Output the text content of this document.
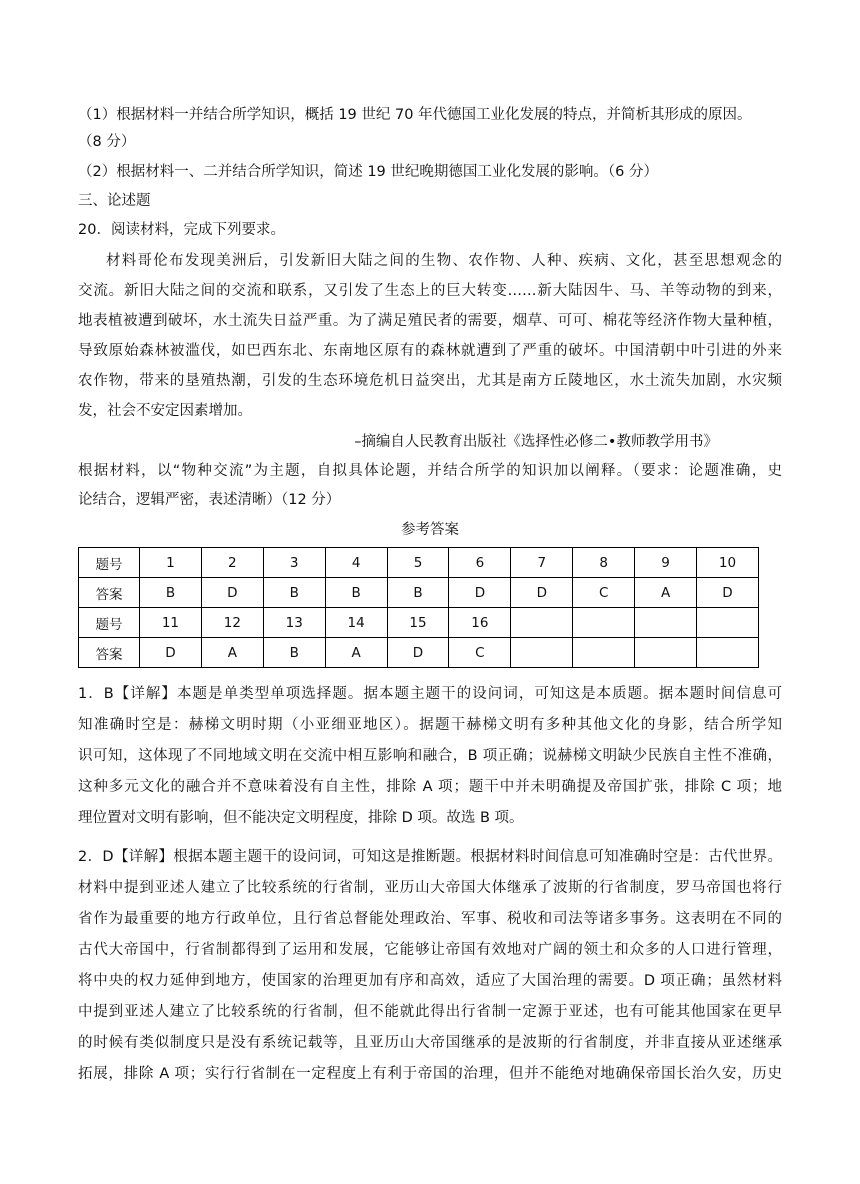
（1）根据材料一并结合所学知识，概括 19 世纪 70 年代德国工业化发展的特点，并简析其形成的原因。
（8 分）
（2）根据材料一、二并结合所学知识，简述 19 世纪晚期德国工业化发展的影响。（6 分）
三、论述题
20．阅读材料，完成下列要求。
材料哥伦布发现美洲后，引发新旧大陆之间的生物、农作物、人种、疾病、文化，甚至思想观念的
交流。新旧大陆之间的交流和联系，又引发了生态上的巨大转变……新大陆因牛、马、羊等动物的到来，
地表植被遭到破坏，水土流失日益严重。为了满足殖民者的需要，烟草、可可、棉花等经济作物大量种植，
导致原始森林被滥伐，如巴西东北、东南地区原有的森林就遭到了严重的破坏。中国清朝中叶引进的外来
农作物，带来的垦殖热潮，引发的生态环境危机日益突出，尤其是南方丘陵地区，水土流失加剧，水灾频
发，社会不安定因素增加。
–摘编自人民教育出版社《选择性必修二•教师教学用书》
根据材料，以“物种交流”为主题，自拟具体论题，并结合所学的知识加以阐释。（要求：论题准确，史
论结合，逻辑严密，表述清晰）（12 分）
参考答案
题号	1	2	3	4	5	6	7	8	9	10
答案	B	D	B	B	B	D	D	C	A	D
题号	11	12	13	14	15	16				
答案	D	A	B	A	D	C				
1．B【详解】本题是单类型单项选择题。据本题主题干的设问词，可知这是本质题。据本题时间信息可
知准确时空是：赫梯文明时期（小亚细亚地区）。据题干赫梯文明有多种其他文化的身影，结合所学知
识可知，这体现了不同地域文明在交流中相互影响和融合，B 项正确；说赫梯文明缺少民族自主性不准确，
这种多元文化的融合并不意味着没有自主性，排除 A 项；题干中并未明确提及帝国扩张，排除 C 项；地
理位置对文明有影响，但不能决定文明程度，排除 D 项。故选 B 项。
2．D【详解】根据本题主题干的设问词，可知这是推断题。根据材料时间信息可知准确时空是：古代世界。
材料中提到亚述人建立了比较系统的行省制，亚历山大帝国大体继承了波斯的行省制度，罗马帝国也将行
省作为最重要的地方行政单位，且行省总督能处理政治、军事、税收和司法等诸多事务。这表明在不同的
古代大帝国中，行省制都得到了运用和发展，它能够让帝国有效地对广阔的领土和众多的人口进行管理，
将中央的权力延伸到地方，使国家的治理更加有序和高效，适应了大国治理的需要。D 项正确；虽然材料
中提到亚述人建立了比较系统的行省制，但不能就此得出行省制一定源于亚述，也有可能其他国家在更早
的时候有类似制度只是没有系统记载等，且亚历山大帝国继承的是波斯的行省制度，并非直接从亚述继承
拓展，排除 A 项；实行行省制在一定程度上有利于帝国的治理，但并不能绝对地确保帝国长治久安，历史
